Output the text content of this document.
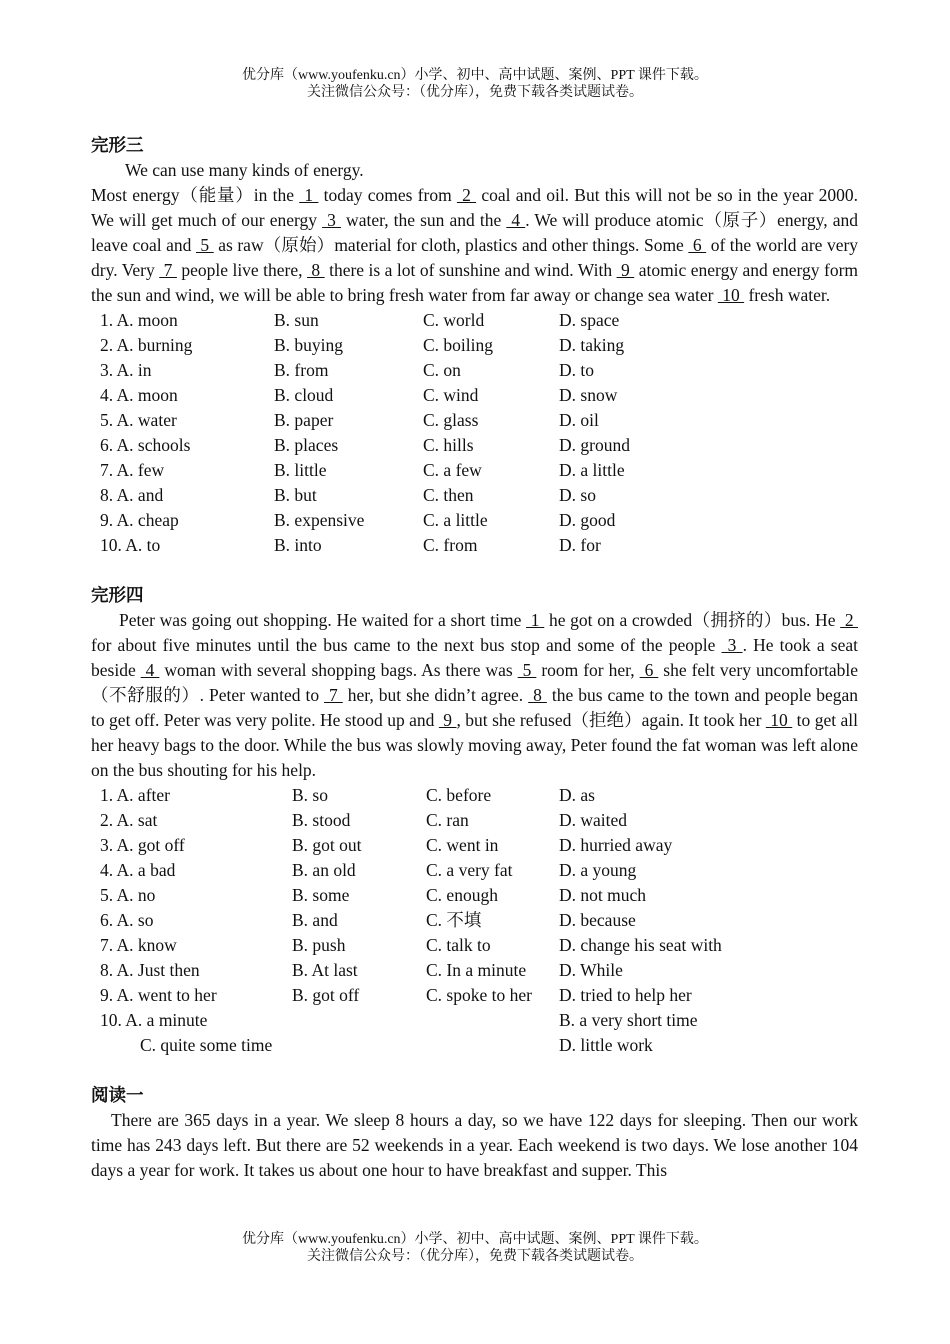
优分库（www.youfenku.cn）小学、初中、高中试题、案例、PPT 课件下载。
关注微信公众号：（优分库），免费下载各类试题试卷。
完形三

We can use many kinds of energy.

Most energy（能量）in the  1  today comes from  2  coal and oil. But this will not be so in the year 2000. We will get much of our energy  3  water, the sun and the  4 . We will produce atomic（原子）energy, and leave coal and  5  as raw（原始）material for cloth, plastics and other things. Some  6  of the world are very dry. Very  7  people live there,  8  there is a lot of sunshine and wind. With  9  atomic energy and energy form the sun and wind, we will be able to bring fresh water from far away or change sea water  10  fresh water.

1. A. moon	B. sun	C. world	D. space
2. A. burning	B. buying	C. boiling	D. taking
3. A. in	B. from	C. on	D. to
4. A. moon	B. cloud	C. wind	D. snow
5. A. water	B. paper	C. glass	D. oil
6. A. schools	B. places	C. hills	D. ground
7. A. few	B. little	C. a few	D. a little
8. A. and	B. but	C. then	D. so
9. A. cheap	B. expensive	C. a little	D. good
10. A. to	B. into	C. from	D. for
完形四

Peter was going out shopping. He waited for a short time  1  he got on a crowded（拥挤的）bus. He  2  for about five minutes until the bus came to the next bus stop and some of the people  3 . He took a seat beside  4  woman with several shopping bags. As there was  5  room for her,  6  she felt very uncomfortable（不舒服的）. Peter wanted to  7  her, but she didn’t agree.  8  the bus came to the town and people began to get off. Peter was very polite. He stood up and  9 , but she refused（拒绝）again. It took her  10  to get all her heavy bags to the door. While the bus was slowly moving away, Peter found the fat woman was left alone on the bus shouting for his help.

1. A. after	B. so	C. before	D. as
2. A. sat	B. stood	C. ran	D. waited
3. A. got off	B. got out	C. went in	D. hurried away
4. A. a bad	B. an old	C. a very fat	D. a young
5. A. no	B. some	C. enough	D. not much
6. A. so	B. and	C. 不填	D. because
7. A. know	B. push	C. talk to	D. change his seat with
8. A. Just then	B. At last	C. In a minute D. While
9. A. went to her	B. got off	C. spoke to her D. tried to help her
10. A. a minute	B. a very short time
C. quite some time	D. little work
阅读一

There are 365 days in a year. We sleep 8 hours a day, so we have 122 days for sleeping. Then our work time has 243 days left. But there are 52 weekends in a year. Each weekend is two days. We lose another 104 days a year for work. It takes us about one hour to have breakfast and supper. This

优分库（www.youfenku.cn）小学、初中、高中试题、案例、PPT 课件下载。
关注微信公众号：（优分库），免费下载各类试题试卷。
